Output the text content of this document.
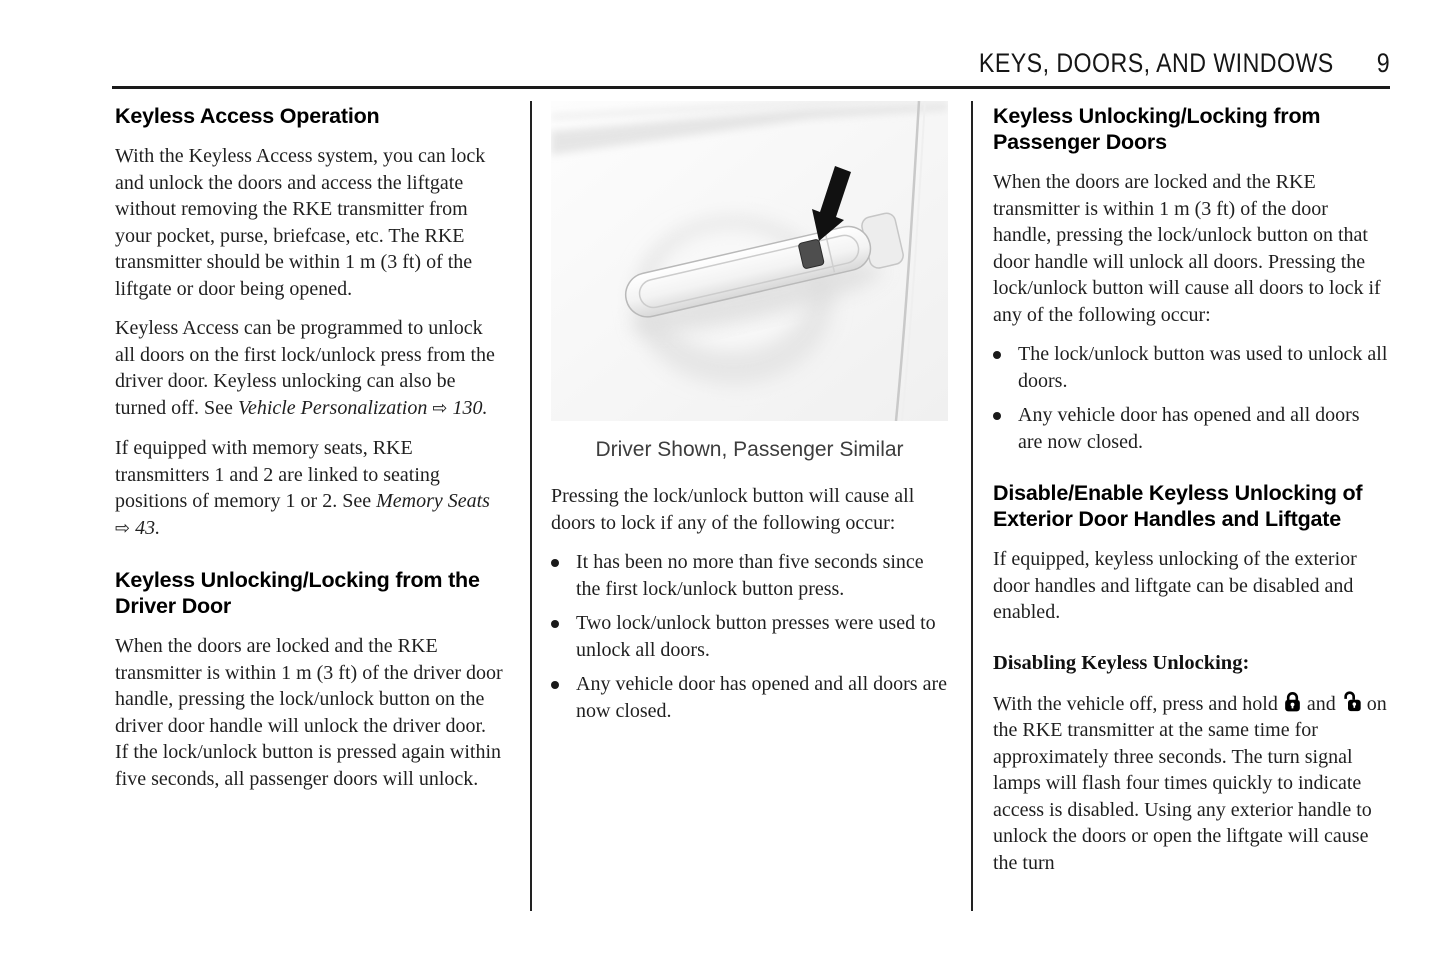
KEYS, DOORS, AND WINDOWS 9
Keyless Access Operation

With the Keyless Access system, you can lock and unlock the doors and access the liftgate without removing the RKE transmitter from your pocket, purse, briefcase, etc. The RKE transmitter should be within 1 m (3 ft) of the liftgate or door being opened.

Keyless Access can be programmed to unlock all doors on the first lock/unlock press from the driver door. Keyless unlocking can also be turned off. See Vehicle Personalization ⇨ 130.

If equipped with memory seats, RKE transmitters 1 and 2 are linked to seating positions of memory 1 or 2. See Memory Seats ⇨ 43.

Keyless Unlocking/Locking from the Driver Door

When the doors are locked and the RKE transmitter is within 1 m (3 ft) of the driver door handle, pressing the lock/unlock button on the driver door handle will unlock the driver door. If the lock/unlock button is pressed again within five seconds, all passenger doors will unlock.

Driver Shown, Passenger Similar

Pressing the lock/unlock button will cause all doors to lock if any of the following occur:

It has been no more than five seconds since the first lock/unlock button press.
Two lock/unlock button presses were used to unlock all doors.
Any vehicle door has opened and all doors are now closed.
Keyless Unlocking/Locking from Passenger Doors

When the doors are locked and the RKE transmitter is within 1 m (3 ft) of the door handle, pressing the lock/unlock button on that door handle will unlock all doors. Pressing the lock/unlock button will cause all doors to lock if any of the following occur:

The lock/unlock button was used to unlock all doors.
Any vehicle door has opened and all doors are now closed.
Disable/Enable Keyless Unlocking of Exterior Door Handles and Liftgate

If equipped, keyless unlocking of the exterior door handles and liftgate can be disabled and enabled.

Disabling Keyless Unlocking:

With the vehicle off, press and hold and on the RKE transmitter at the same time for approximately three seconds. The turn signal lamps will flash four times quickly to indicate access is disabled. Using any exterior handle to unlock the doors or open the liftgate will cause the turn
